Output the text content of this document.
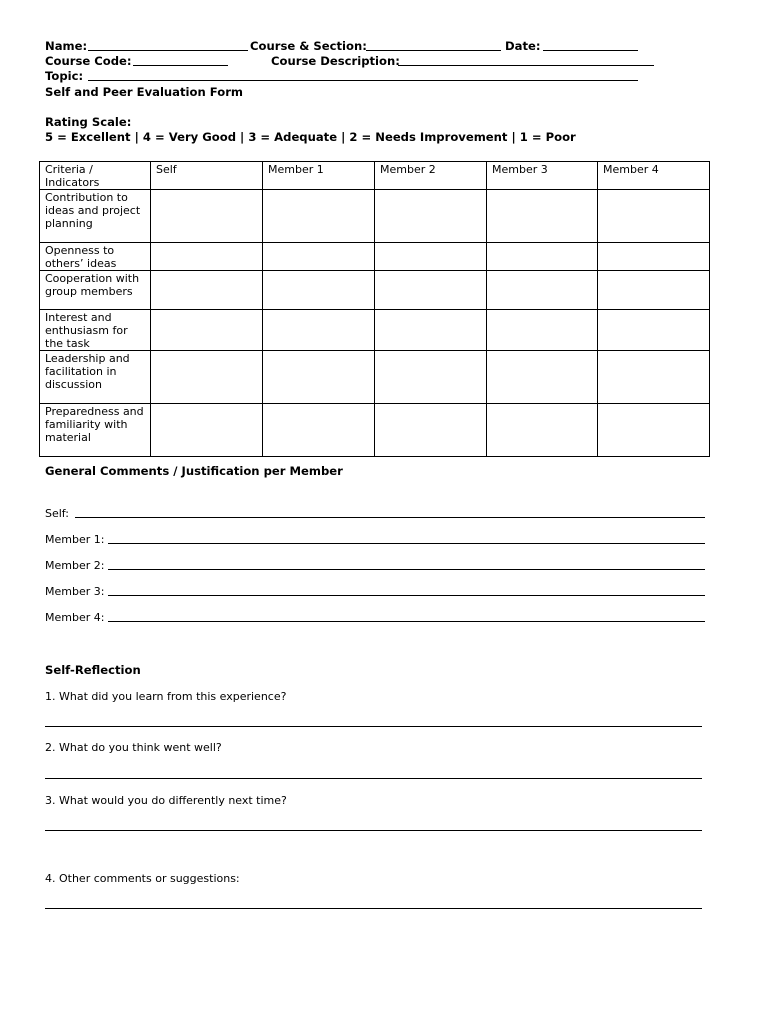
Name:	Course & Section:	Date:
Course Code:	Course Description:
Topic:
Self and Peer Evaluation Form
Rating Scale:
5 = Excellent | 4 = Very Good | 3 = Adequate | 2 = Needs Improvement | 1 = Poor
Criteria / Indicators	Self	Member 1	Member 2	Member 3	Member 4
Contribution to ideas and project planning					
Openness to others’ ideas					
Cooperation with group members					
Interest and enthusiasm for the task					
Leadership and facilitation in discussion					
Preparedness and familiarity with material					
General Comments / Justification per Member
Self:
Member 1:
Member 2:
Member 3:
Member 4:
Self-Reflection
1. What did you learn from this experience?
2. What do you think went well?
3. What would you do differently next time?
4. Other comments or suggestions:
